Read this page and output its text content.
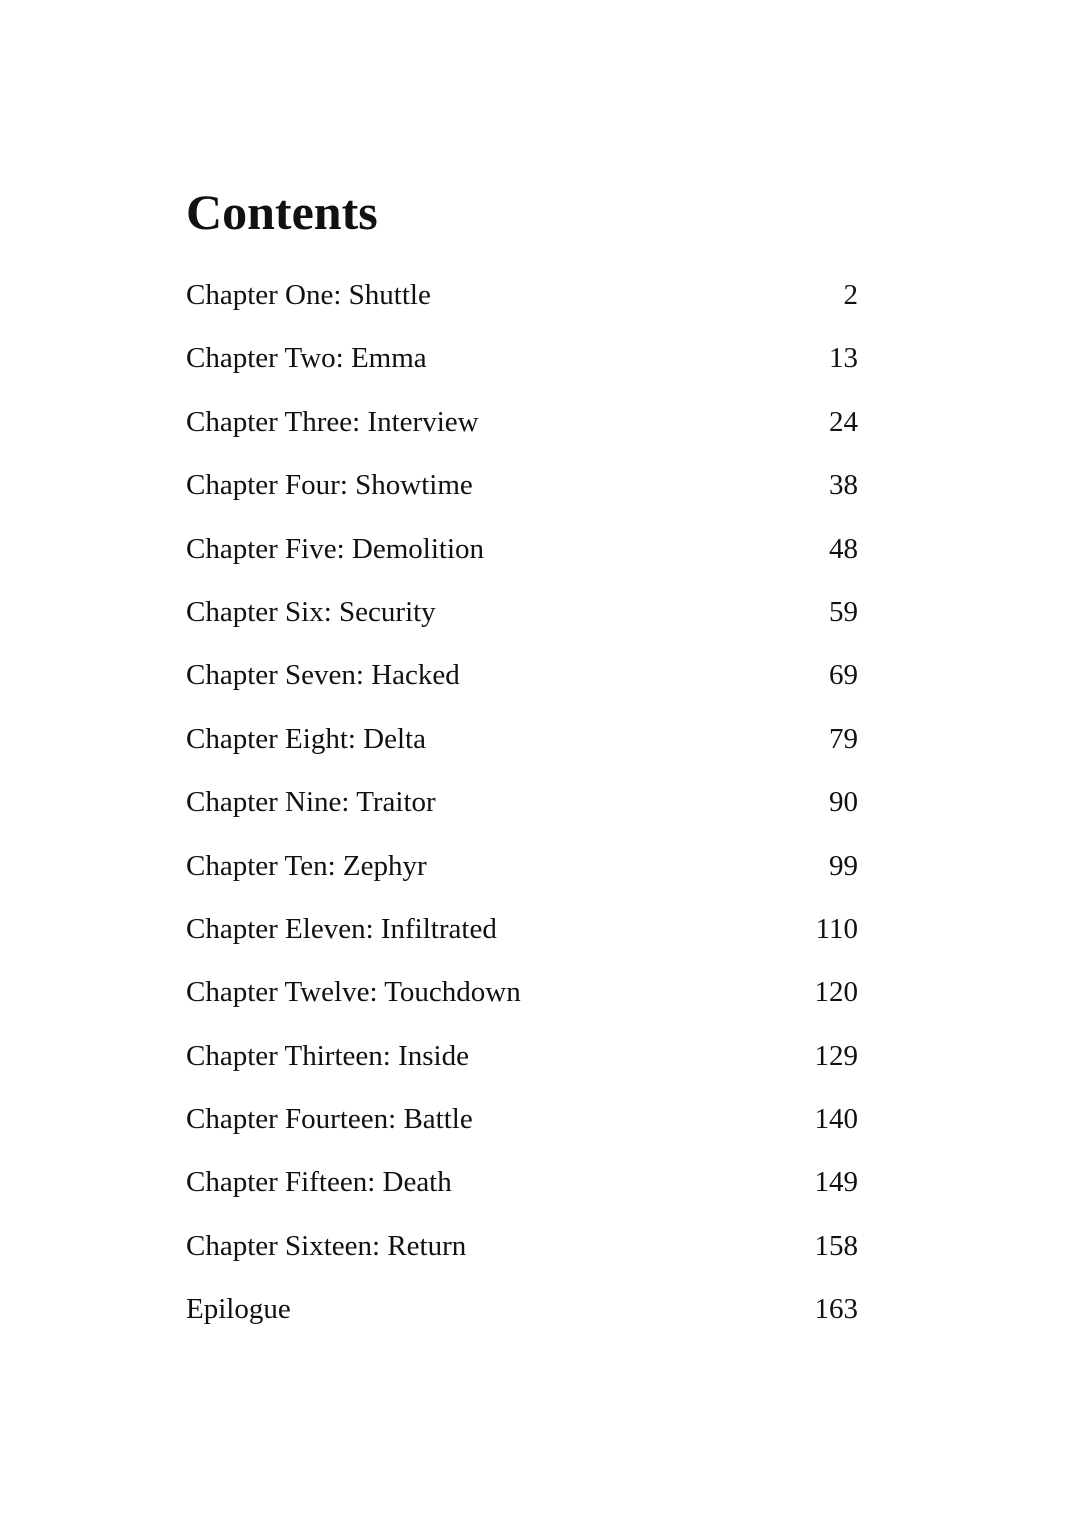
Contents
Chapter One: Shuttle	2
Chapter Two: Emma	13
Chapter Three: Interview	24
Chapter Four: Showtime	38
Chapter Five: Demolition	48
Chapter Six: Security	59
Chapter Seven: Hacked	69
Chapter Eight: Delta	79
Chapter Nine: Traitor	90
Chapter Ten: Zephyr	99
Chapter Eleven: Infiltrated	110
Chapter Twelve: Touchdown	120
Chapter Thirteen: Inside	129
Chapter Fourteen: Battle	140
Chapter Fifteen: Death	149
Chapter Sixteen: Return	158
Epilogue	163
